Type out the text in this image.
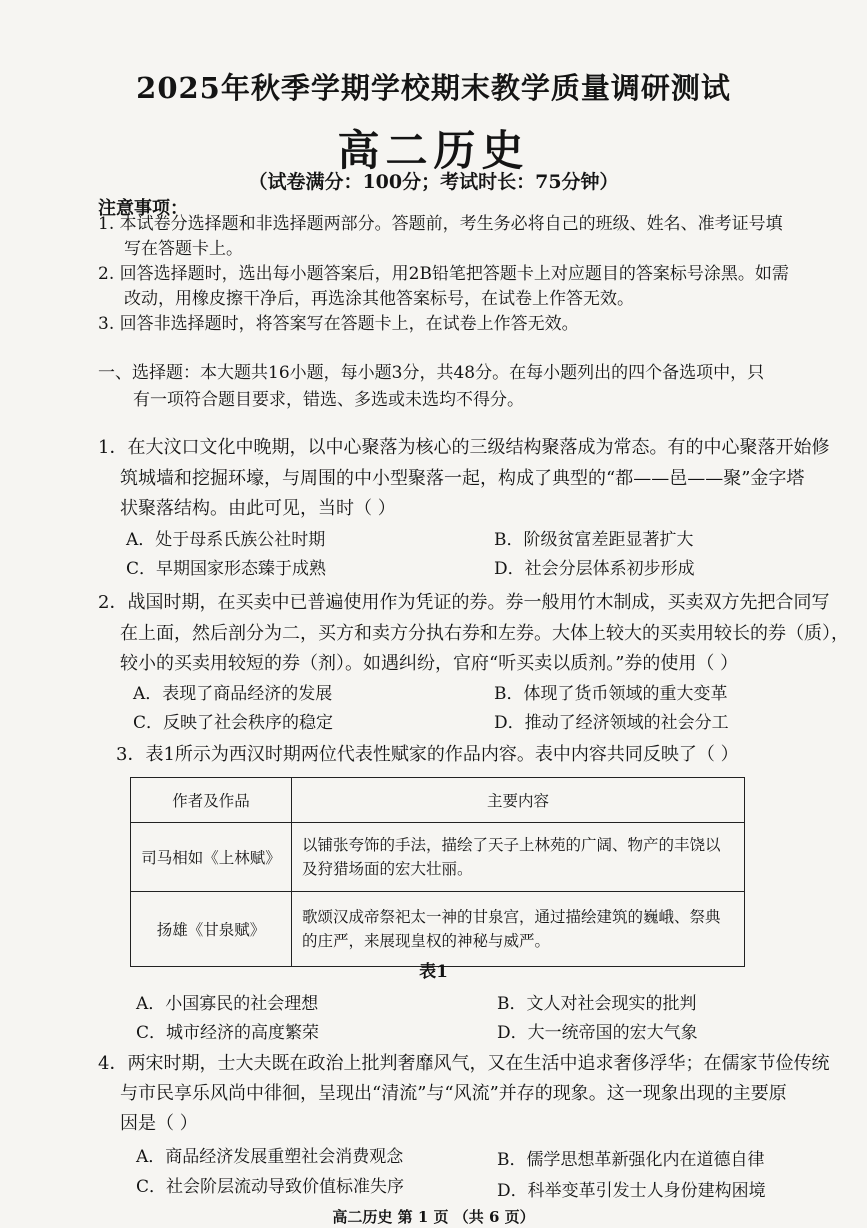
2025年秋季学期学校期末教学质量调研测试
高二历史
（试卷满分：100分；考试时长：75分钟）
注意事项：
1. 本试卷分选择题和非选择题两部分。答题前，考生务必将自己的班级、姓名、准考证号填
写在答题卡上。
2. 回答选择题时，选出每小题答案后，用2B铅笔把答题卡上对应题目的答案标号涂黑。如需
改动，用橡皮擦干净后，再选涂其他答案标号，在试卷上作答无效。
3. 回答非选择题时，将答案写在答题卡上，在试卷上作答无效。
一、选择题：本大题共16小题，每小题3分，共48分。在每小题列出的四个备选项中，只
有一项符合题目要求，错选、多选或未选均不得分。
1．在大汶口文化中晚期，以中心聚落为核心的三级结构聚落成为常态。有的中心聚落开始修
筑城墙和挖掘环壕，与周围的中小型聚落一起，构成了典型的“都——邑——聚”金字塔
状聚落结构。由此可见，当时（ ）
A．处于母系氏族公社时期	B．阶级贫富差距显著扩大
C．早期国家形态臻于成熟	D．社会分层体系初步形成
2．战国时期，在买卖中已普遍使用作为凭证的券。券一般用竹木制成，买卖双方先把合同写
在上面，然后剖分为二，买方和卖方分执右券和左券。大体上较大的买卖用较长的券（质），
较小的买卖用较短的券（剂）。如遇纠纷，官府“听买卖以质剂。”券的使用（ ）
A．表现了商品经济的发展	B．体现了货币领域的重大变革
C．反映了社会秩序的稳定	D．推动了经济领域的社会分工
3．表1所示为西汉时期两位代表性赋家的作品内容。表中内容共同反映了（ ）
作者及作品	主要内容
司马相如《上林赋》	以铺张夸饰的手法，描绘了天子上林苑的广阔、物产的丰饶以及狩猎场面的宏大壮丽。
扬雄《甘泉赋》	歌颂汉成帝祭祀太一神的甘泉宫，通过描绘建筑的巍峨、祭典的庄严，来展现皇权的神秘与威严。
表1
A．小国寡民的社会理想	B．文人对社会现实的批判
C．城市经济的高度繁荣	D．大一统帝国的宏大气象
4．两宋时期，士大夫既在政治上批判奢靡风气，又在生活中追求奢侈浮华；在儒家节俭传统
与市民享乐风尚中徘徊，呈现出“清流”与“风流”并存的现象。这一现象出现的主要原
因是（ ）
A．商品经济发展重塑社会消费观念	B．儒学思想革新强化内在道德自律
C．社会阶层流动导致价值标准失序	D．科举变革引发士人身份建构困境
高二历史 第 1 页 （共 6 页）
